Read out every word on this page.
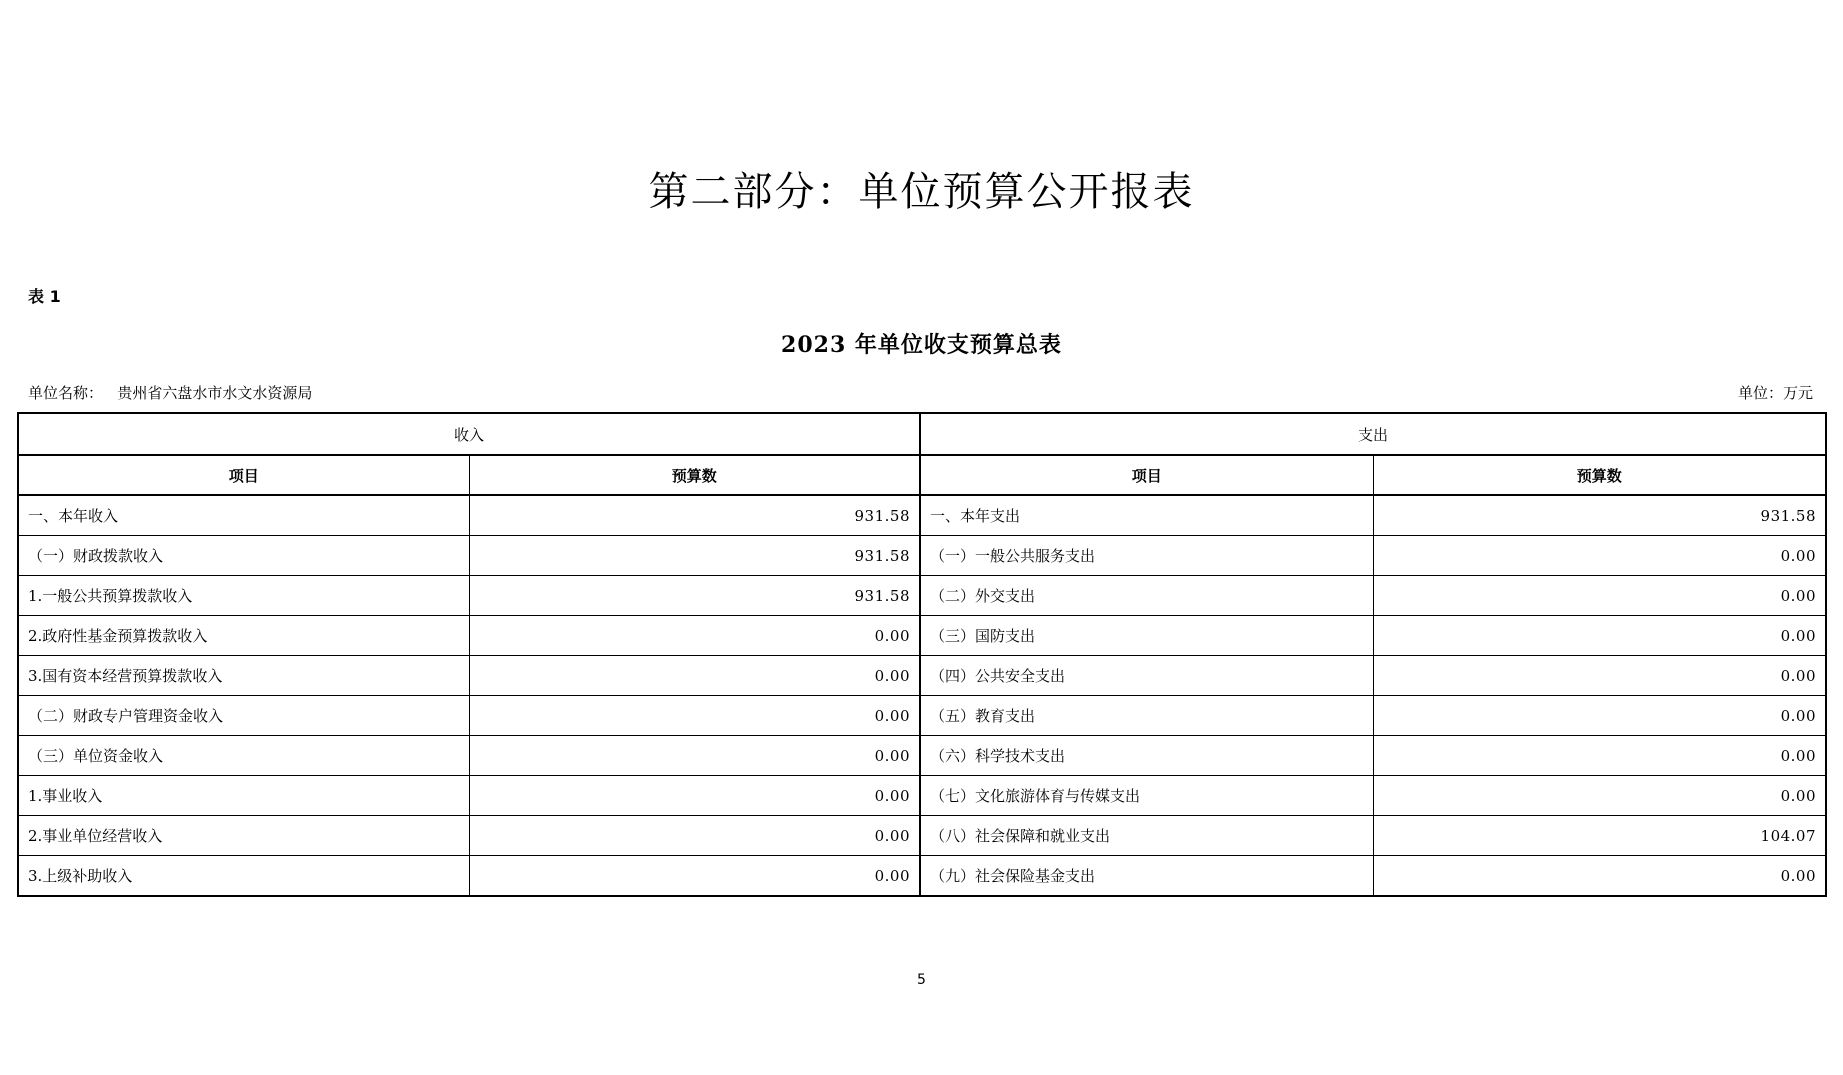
第二部分：单位预算公开报表
表 1
2023 年单位收支预算总表
单位名称： 贵州省六盘水市水文水资源局	单位：万元
收入		支出	
项目	预算数	项目	预算数
一、本年收入	931.58	一、本年支出	931.58
（一）财政拨款收入	931.58	（一）一般公共服务支出	0.00
1.一般公共预算拨款收入	931.58	（二）外交支出	0.00
2.政府性基金预算拨款收入	0.00	（三）国防支出	0.00
3.国有资本经营预算拨款收入	0.00	（四）公共安全支出	0.00
（二）财政专户管理资金收入	0.00	（五）教育支出	0.00
（三）单位资金收入	0.00	（六）科学技术支出	0.00
1.事业收入	0.00	（七）文化旅游体育与传媒支出	0.00
2.事业单位经营收入	0.00	（八）社会保障和就业支出	104.07
3.上级补助收入	0.00	（九）社会保险基金支出	0.00
5
